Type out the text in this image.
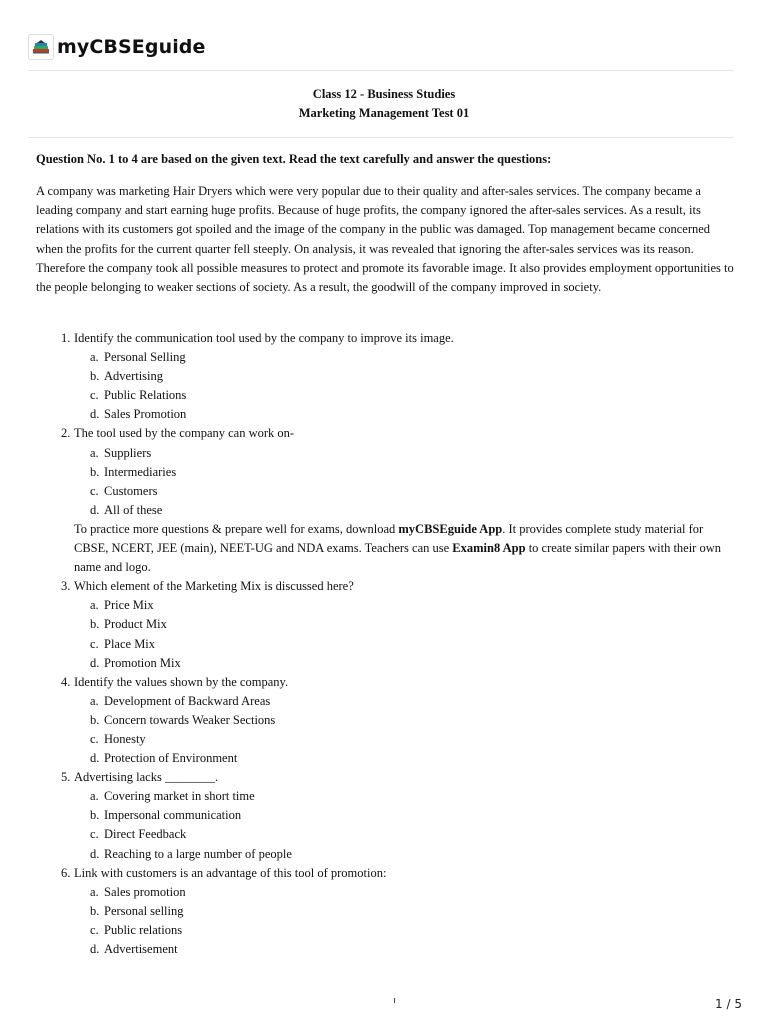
myCBSEguide
Class 12 - Business Studies
Marketing Management Test 01
Question No. 1 to 4 are based on the given text. Read the text carefully and answer the questions:
A company was marketing Hair Dryers which were very popular due to their quality and after-sales services. The company became a leading company and start earning huge profits. Because of huge profits, the company ignored the after-sales services. As a result, its relations with its customers got spoiled and the image of the company in the public was damaged. Top management became concerned when the profits for the current quarter fell steeply. On analysis, it was revealed that ignoring the after-sales services was its reason. Therefore the company took all possible measures to protect and promote its favorable image. It also provides employment opportunities to the people belonging to weaker sections of society. As a result, the goodwill of the company improved in society.
1. Identify the communication tool used by the company to improve its image.
a. Personal Selling
b. Advertising
c. Public Relations
d. Sales Promotion
2. The tool used by the company can work on-
a. Suppliers
b. Intermediaries
c. Customers
d. All of these
To practice more questions & prepare well for exams, download myCBSEguide App. It provides complete study material for CBSE, NCERT, JEE (main), NEET-UG and NDA exams. Teachers can use Examin8 App to create similar papers with their own name and logo.
3. Which element of the Marketing Mix is discussed here?
a. Price Mix
b. Product Mix
c. Place Mix
d. Promotion Mix
4. Identify the values shown by the company.
a. Development of Backward Areas
b. Concern towards Weaker Sections
c. Honesty
d. Protection of Environment
5. Advertising lacks ________.
a. Covering market in short time
b. Impersonal communication
c. Direct Feedback
d. Reaching to a large number of people
6. Link with customers is an advantage of this tool of promotion:
a. Sales promotion
b. Personal selling
c. Public relations
d. Advertisement
1 / 5
